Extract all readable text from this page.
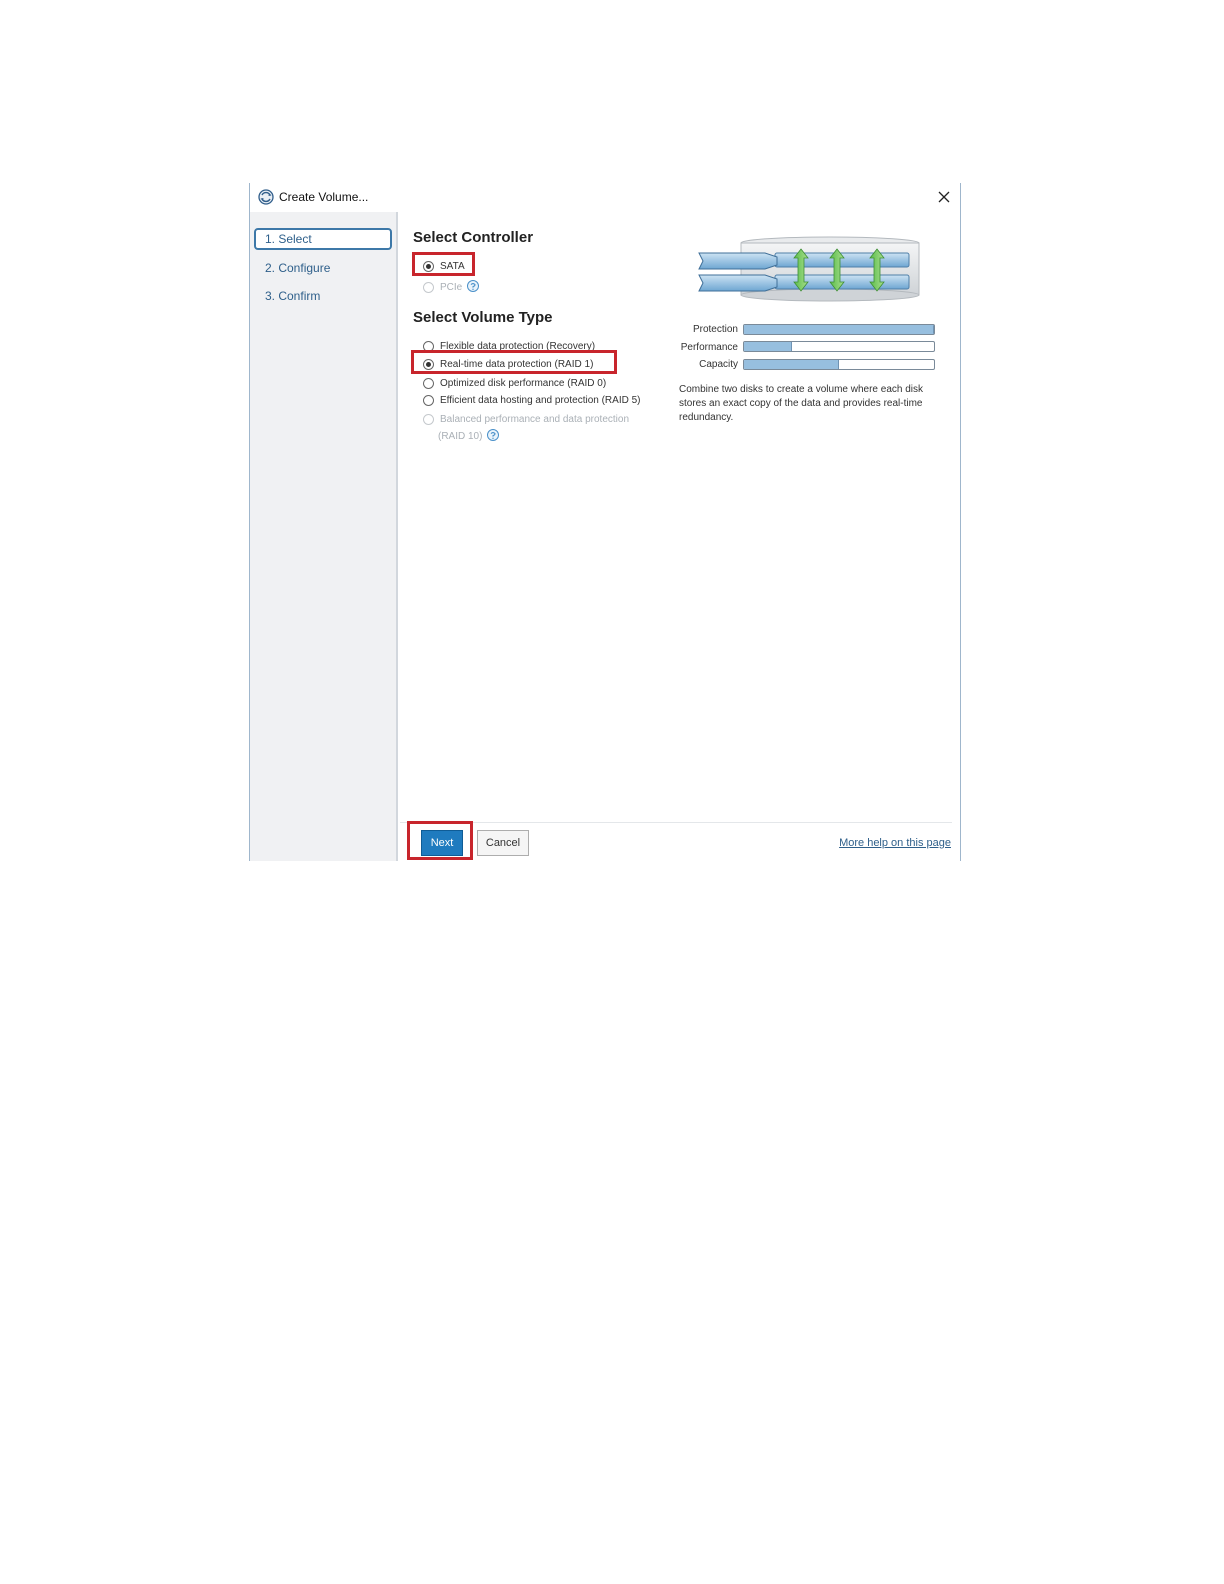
Create Volume...
1. Select
2. Configure
3. Confirm
Select Controller
SATA
PCIe
Select Volume Type
Flexible data protection (Recovery)
Real-time data protection (RAID 1)
Optimized disk performance (RAID 0)
Efficient data hosting and protection (RAID 5)
Balanced performance and data protection
(RAID 10)
Protection
Performance
Capacity
Combine two disks to create a volume where each disk stores an exact copy of the data and provides real-time redundancy.
Next	Cancel	More help on this page
